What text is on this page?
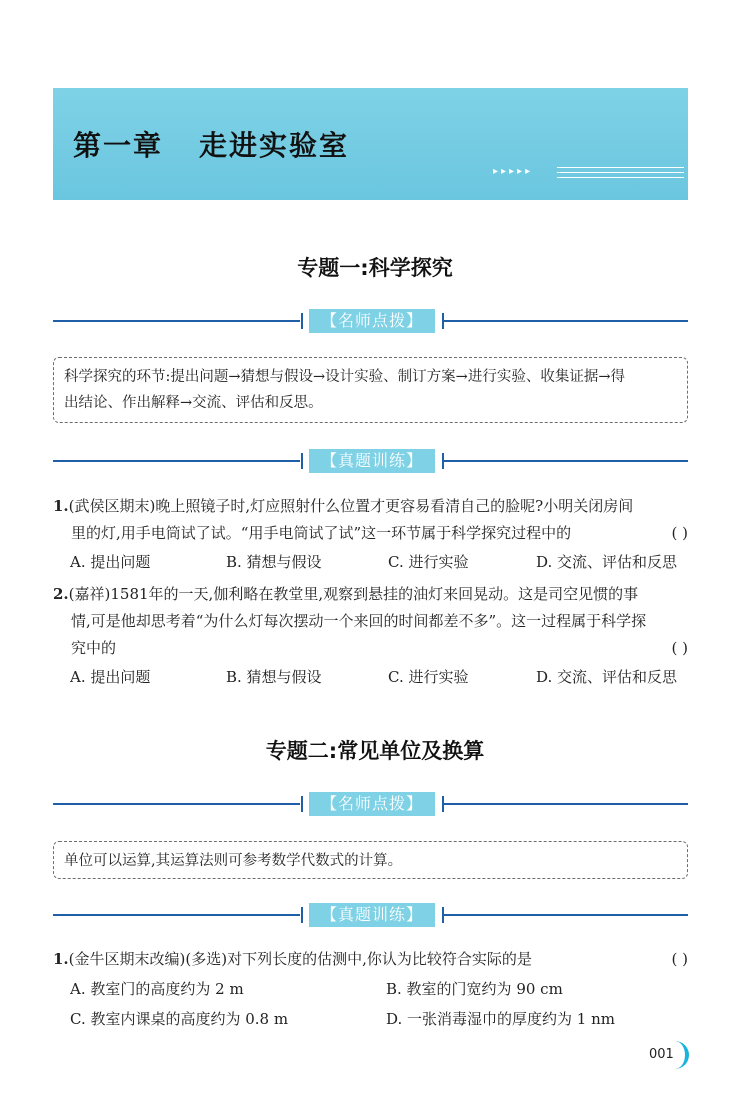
第一章 走进实验室
▸▸▸▸▸
专题一:科学探究
【名师点拨】
科学探究的环节:提出问题→猜想与假设→设计实验、制订方案→进行实验、收集证据→得
出结论、作出解释→交流、评估和反思。
【真题训练】
1.(武侯区期末)晚上照镜子时,灯应照射什么位置才更容易看清自己的脸呢?小明关闭房间
里的灯,用手电筒试了试。“用手电筒试了试”这一环节属于科学探究过程中的	( )
A. 提出问题	B. 猜想与假设	C. 进行实验	D. 交流、评估和反思
2.(嘉祥)1581年的一天,伽利略在教堂里,观察到悬挂的油灯来回晃动。这是司空见惯的事
情,可是他却思考着“为什么灯每次摆动一个来回的时间都差不多”。这一过程属于科学探
究中的	( )
A. 提出问题	B. 猜想与假设	C. 进行实验	D. 交流、评估和反思
专题二:常见单位及换算
【名师点拨】
单位可以运算,其运算法则可参考数学代数式的计算。
【真题训练】
1.(金牛区期末改编)(多选)对下列长度的估测中,你认为比较符合实际的是	( )
A. 教室门的高度约为 2 m	B. 教室的门宽约为 90 cm
C. 教室内课桌的高度约为 0.8 m	D. 一张消毒湿巾的厚度约为 1 nm
001
